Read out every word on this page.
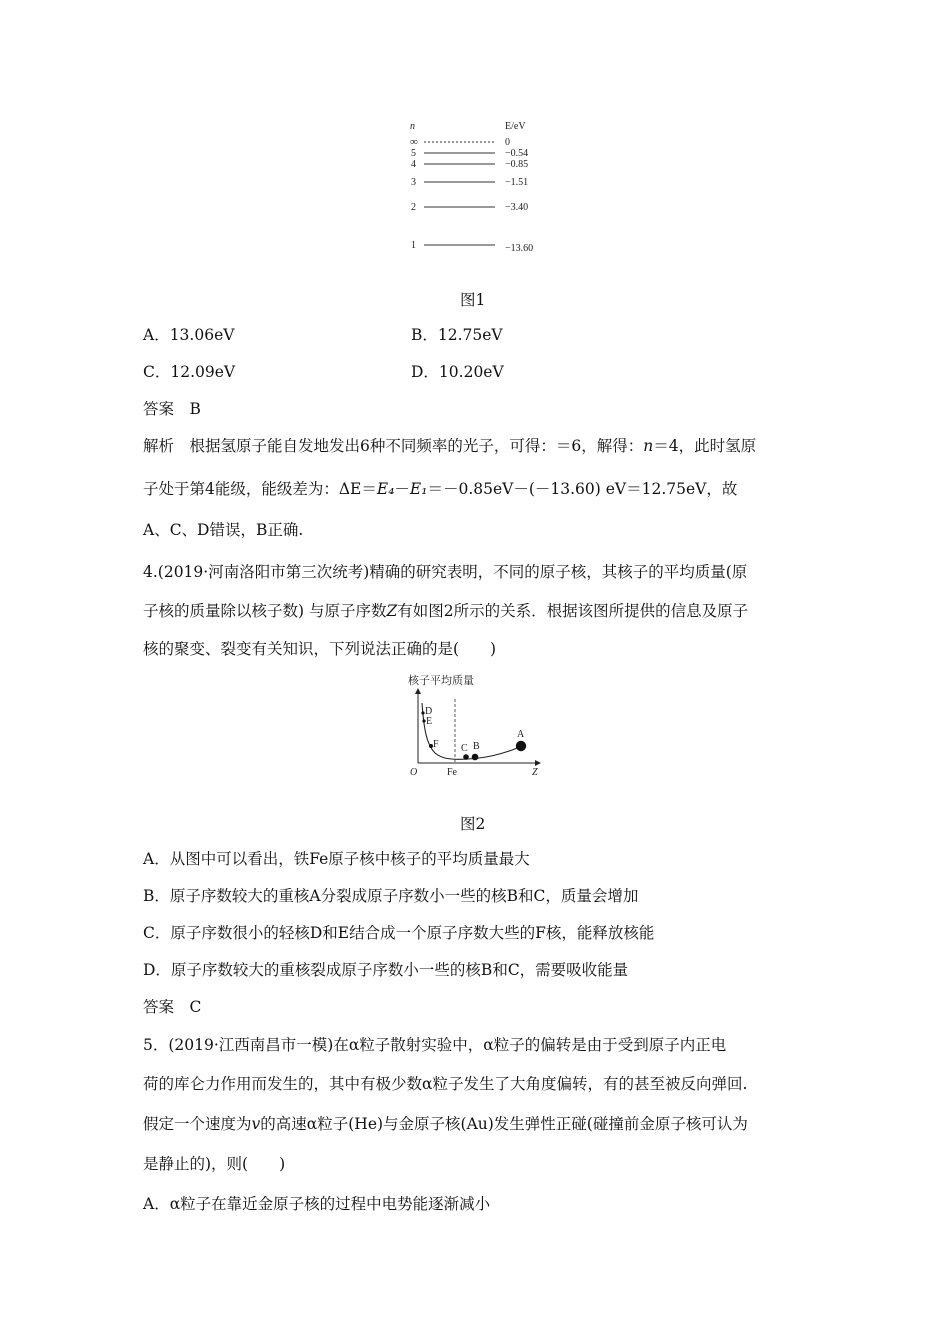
n	E/eV
∞	0
5	−0.54
4	−0.85
3	−1.51
2	−3.40
1	−13.60
图1
A．13.06eV	B．12.75eV
C．12.09eV	D．10.20eV
答案　B
解析　根据氢原子能自发地发出6种不同频率的光子，可得：＝6，解得：n＝4，此时氢原
子处于第4能级，能级差为：ΔE＝E₄－E₁＝－0.85eV－(－13.60) eV＝12.75eV，故
A、C、D错误，B正确.
4.(2019·河南洛阳市第三次统考)精确的研究表明，不同的原子核，其核子的平均质量(原
子核的质量除以核子数) 与原子序数Z有如图2所示的关系．根据该图所提供的信息及原子
核的聚变、裂变有关知识，下列说法正确的是(　　)
核子平均质量
D
E
F C B
A
O	Fe	Z
图2
A．从图中可以看出，铁Fe原子核中核子的平均质量最大
B．原子序数较大的重核A分裂成原子序数小一些的核B和C，质量会增加
C．原子序数很小的轻核D和E结合成一个原子序数大些的F核，能释放核能
D．原子序数较大的重核裂成原子序数小一些的核B和C，需要吸收能量
答案　C
5．(2019·江西南昌市一模)在α粒子散射实验中，α粒子的偏转是由于受到原子内正电
荷的库仑力作用而发生的，其中有极少数α粒子发生了大角度偏转，有的甚至被反向弹回.
假定一个速度为v的高速α粒子(He)与金原子核(Au)发生弹性正碰(碰撞前金原子核可认为
是静止的)，则(　　)
A．α粒子在靠近金原子核的过程中电势能逐渐减小
